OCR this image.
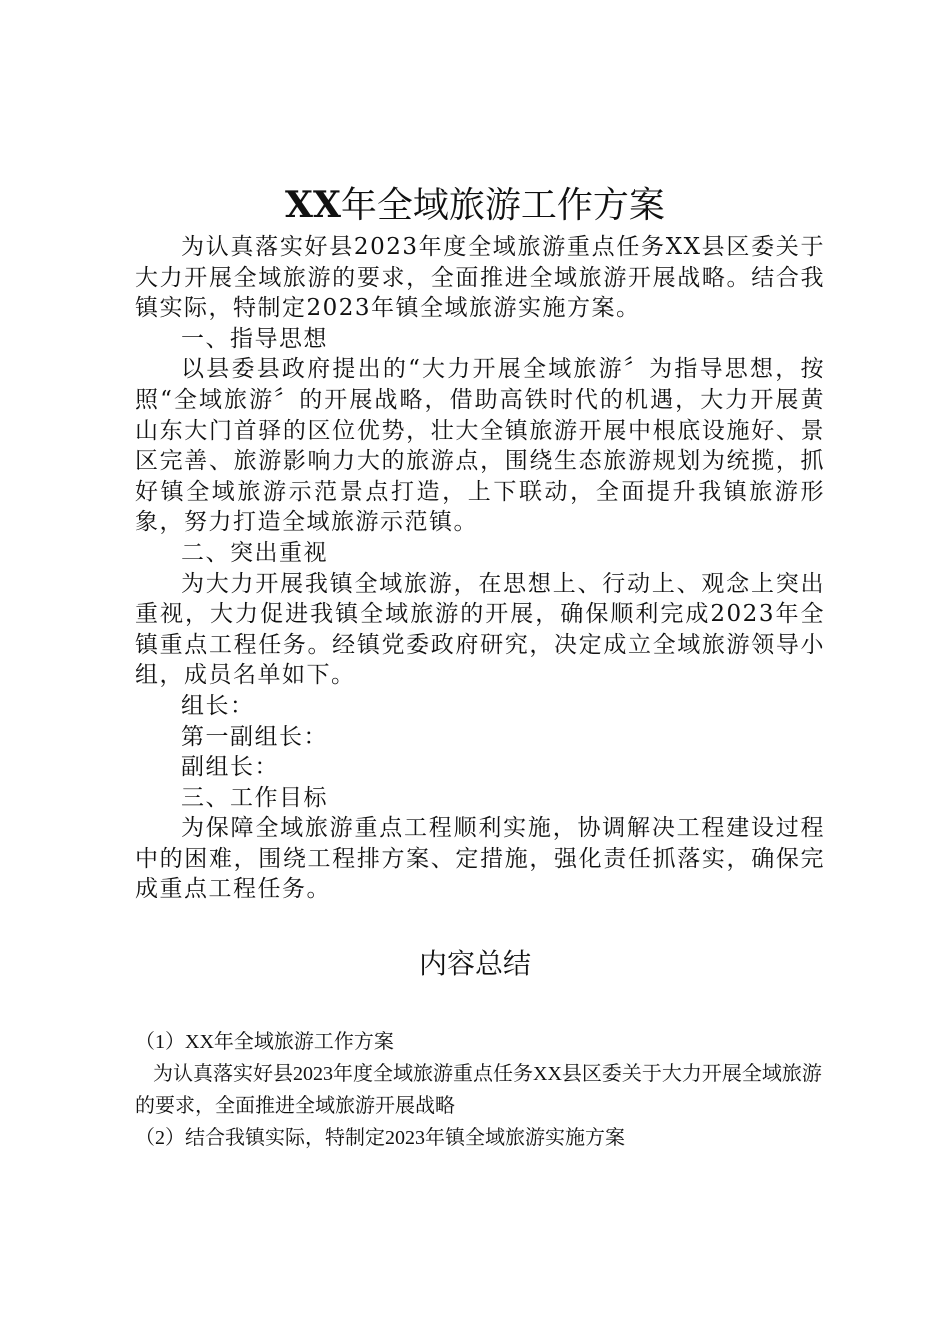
XX年全域旅游工作方案

为认真落实好县2023年度全域旅游重点任务XX县区委关于大力开展全域旅游的要求，全面推进全域旅游开展战略。结合我镇实际，特制定2023年镇全域旅游实施方案。

一、指导思想

以县委县政府提出的“大力开展全域旅游〞为指导思想，按照“全域旅游〞的开展战略，借助高铁时代的机遇，大力开展黄山东大门首驿的区位优势，壮大全镇旅游开展中根底设施好、景区完善、旅游影响力大的旅游点，围绕生态旅游规划为统揽，抓好镇全域旅游示范景点打造，上下联动，全面提升我镇旅游形象，努力打造全域旅游示范镇。

二、突出重视

为大力开展我镇全域旅游，在思想上、行动上、观念上突出重视，大力促进我镇全域旅游的开展，确保顺利完成2023年全镇重点工程任务。经镇党委政府研究，决定成立全域旅游领导小组，成员名单如下。

组长：

第一副组长：

副组长：

三、工作目标

为保障全域旅游重点工程顺利实施，协调解决工程建设过程中的困难，围绕工程排方案、定措施，强化责任抓落实，确保完成重点工程任务。

内容总结

（1）XX年全域旅游工作方案

为认真落实好县2023年度全域旅游重点任务XX县区委关于大力开展全域旅游的要求，全面推进全域旅游开展战略

（2）结合我镇实际，特制定2023年镇全域旅游实施方案
